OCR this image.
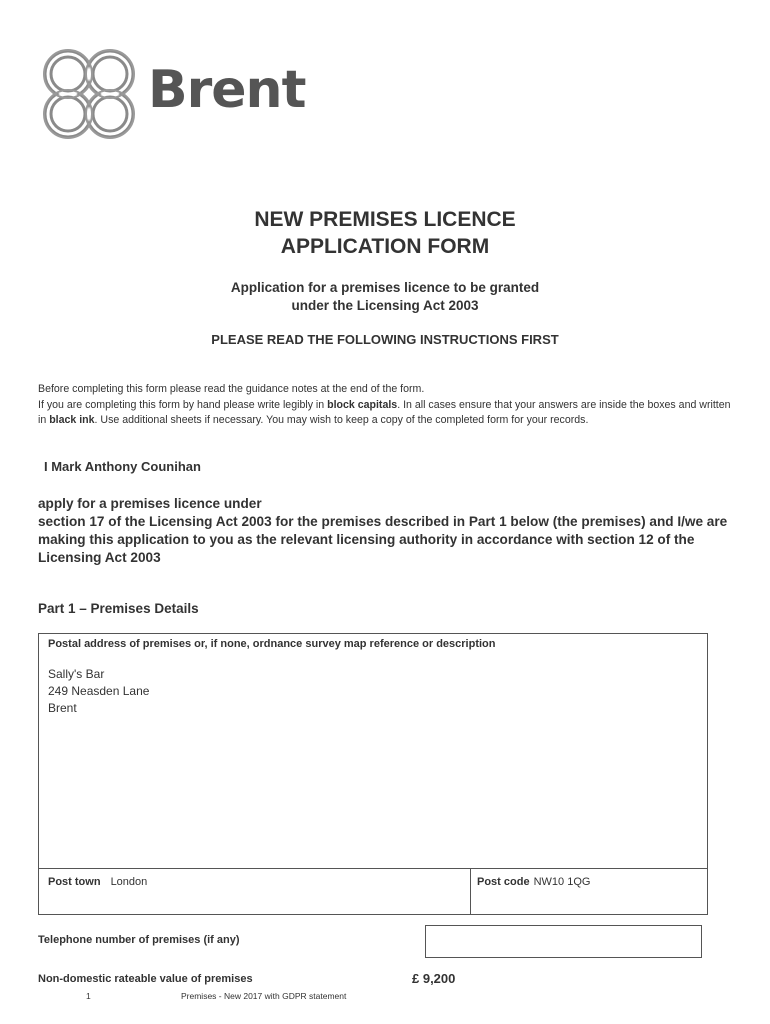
Brent
NEW PREMISES LICENCE
APPLICATION FORM
Application for a premises licence to be granted
under the Licensing Act 2003
PLEASE READ THE FOLLOWING INSTRUCTIONS FIRST
Before completing this form please read the guidance notes at the end of the form.
If you are completing this form by hand please write legibly in block capitals. In all cases ensure that your answers are inside the boxes and written in black ink. Use additional sheets if necessary. You may wish to keep a copy of the completed form for your records.
I Mark Anthony Counihan
apply for a premises licence under
section 17 of the Licensing Act 2003 for the premises described in Part 1 below (the premises) and I/we are making this application to you as the relevant licensing authority in accordance with section 12 of the Licensing Act 2003
Part 1 – Premises Details
Postal address of premises or, if none, ordnance survey map reference or description
Sally's Bar
249 Neasden Lane
Brent
Post town London	Post code NW10 1QG
Telephone number of premises (if any)
Non-domestic rateable value of premises	£ 9,200
1	Premises - New 2017 with GDPR statement
